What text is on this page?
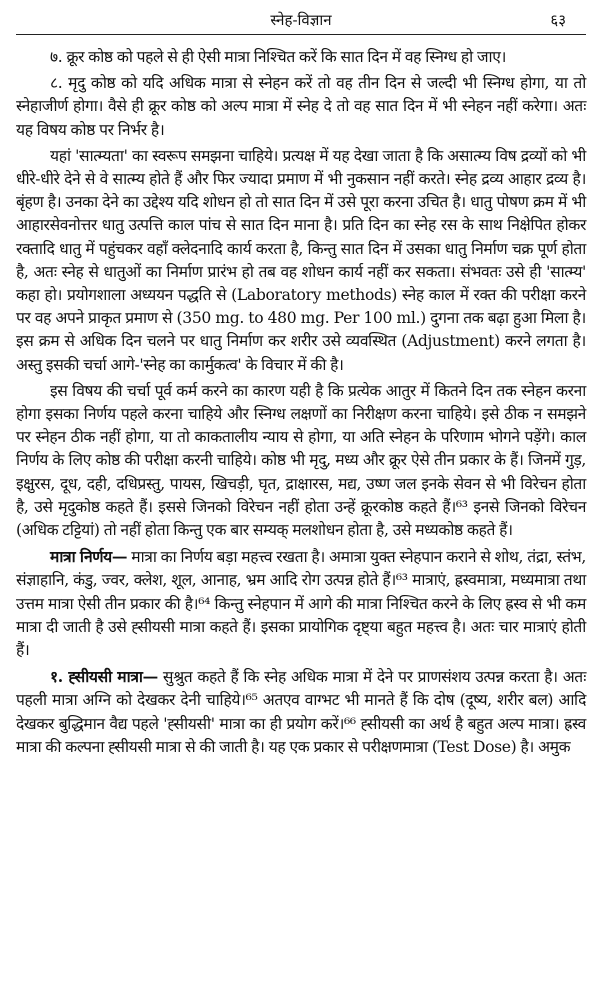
स्नेह-विज्ञान	६३

७. क्रूर कोष्ठ को पहले से ही ऐसी मात्रा निश्चित करें कि सात दिन में वह स्निग्ध हो जाए।

८. मृदु कोष्ठ को यदि अधिक मात्रा से स्नेहन करें तो वह तीन दिन से जल्दी भी स्निग्ध होगा, या तो स्नेहाजीर्ण होगा। वैसे ही क्रूर कोष्ठ को अल्प मात्रा में स्नेह दे तो वह सात दिन में भी स्नेहन नहीं करेगा। अतः यह विषय कोष्ठ पर निर्भर है।

यहां 'सात्म्यता' का स्वरूप समझना चाहिये। प्रत्यक्ष में यह देखा जाता है कि असात्म्य विष द्रव्यों को भी धीरे-धीरे देने से वे सात्म्य होते हैं और फिर ज्यादा प्रमाण में भी नुकसान नहीं करते। स्नेह द्रव्य आहार द्रव्य है। बृंहण है। उनका देने का उद्देश्य यदि शोधन हो तो सात दिन में उसे पूरा करना उचित है। धातु पोषण क्रम में भी आहारसेवनोत्तर धातु उत्पत्ति काल पांच से सात दिन माना है। प्रति दिन का स्नेह रस के साथ निक्षेपित होकर रक्तादि धातु में पहुंचकर वहाँ क्लेदनादि कार्य करता है, किन्तु सात दिन में उसका धातु निर्माण चक्र पूर्ण होता है, अतः स्नेह से धातुओं का निर्माण प्रारंभ हो तब वह शोधन कार्य नहीं कर सकता। संभवतः उसे ही 'सात्म्य' कहा हो। प्रयोगशाला अध्ययन पद्धति से (Laboratory methods) स्नेह काल में रक्त की परीक्षा करने पर वह अपने प्राकृत प्रमाण से (350 mg. to 480 mg. Per 100 ml.) दुगना तक बढ़ा हुआ मिला है। इस क्रम से अधिक दिन चलने पर धातु निर्माण कर शरीर उसे व्यवस्थित (Adjustment) करने लगता है। अस्तु इसकी चर्चा आगे-'स्नेह का कार्मुकत्व' के विचार में की है।

इस विषय की चर्चा पूर्व कर्म करने का कारण यही है कि प्रत्येक आतुर में कितने दिन तक स्नेहन करना होगा इसका निर्णय पहले करना चाहिये और स्निग्ध लक्षणों का निरीक्षण करना चाहिये। इसे ठीक न समझने पर स्नेहन ठीक नहीं होगा, या तो काकतालीय न्याय से होगा, या अति स्नेहन के परिणाम भोगने पड़ेंगे। काल निर्णय के लिए कोष्ठ की परीक्षा करनी चाहिये। कोष्ठ भी मृदु, मध्य और क्रूर ऐसे तीन प्रकार के हैं। जिनमें गुड़, इक्षुरस, दूध, दही, दधिप्रस्तु, पायस, खिचड़ी, घृत, द्राक्षारस, मद्य, उष्ण जल इनके सेवन से भी विरेचन होता है, उसे मृदुकोष्ठ कहते हैं। इससे जिनको विरेचन नहीं होता उन्हें क्रूरकोष्ठ कहते हैं।⁶³ इनसे जिनको विरेचन (अधिक टट्टियां) तो नहीं होता किन्तु एक बार सम्यक् मलशोधन होता है, उसे मध्यकोष्ठ कहते हैं।

मात्रा निर्णय— मात्रा का निर्णय बड़ा महत्त्व रखता है। अमात्रा युक्त स्नेहपान कराने से शोथ, तंद्रा, स्तंभ, संज्ञाहानि, कंडु, ज्वर, क्लेश, शूल, आनाह, भ्रम आदि रोग उत्पन्न होते हैं।⁶³ मात्राएं, ह्रस्वमात्रा, मध्यमात्रा तथा उत्तम मात्रा ऐसी तीन प्रकार की है।⁶⁴ किन्तु स्नेहपान में आगे की मात्रा निश्चित करने के लिए ह्रस्व से भी कम मात्रा दी जाती है उसे ह्सीयसी मात्रा कहते हैं। इसका प्रायोगिक दृष्ट्या बहुत महत्त्व है। अतः चार मात्राएं होती हैं।

१. ह्सीयसी मात्रा— सुश्रुत कहते हैं कि स्नेह अधिक मात्रा में देने पर प्राणसंशय उत्पन्न करता है। अतः पहली मात्रा अग्नि को देखकर देनी चाहिये।⁶⁵ अतएव वाग्भट भी मानते हैं कि दोष (दूष्य, शरीर बल) आदि देखकर बुद्धिमान वैद्य पहले 'ह्सीयसी' मात्रा का ही प्रयोग करें।⁶⁶ ह्सीयसी का अर्थ है बहुत अल्प मात्रा। ह्रस्व मात्रा की कल्पना ह्सीयसी मात्रा से की जाती है। यह एक प्रकार से परीक्षणमात्रा (Test Dose) है। अमुक
